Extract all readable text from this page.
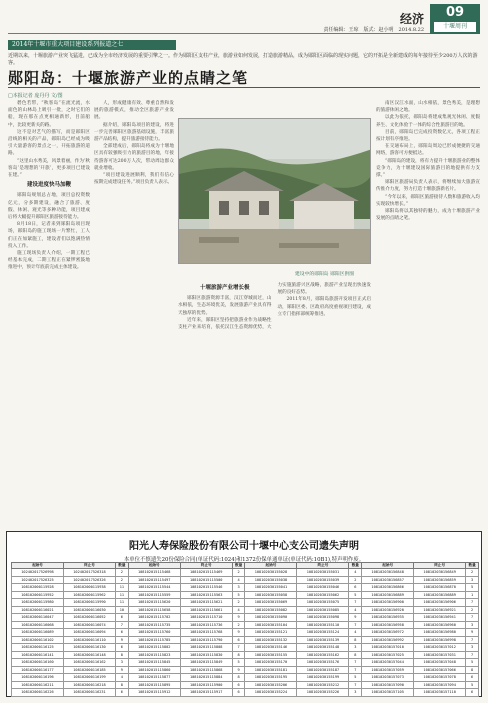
经济
责任编辑：王琼　版式：赵小明　2014.8.22
09
十堰周刊
2014年十堰市重大项目建设系列报道之七
近期以来，十堰旅游产业突飞猛进，已成为全市经济发展的重要引擎之一。作为郧阳区支柱产业，旅游业如何发展，打造旅游精品，成为郧阳区面临的现实问题，它的开拓是全新建成的每年接待至少200万人次的游客。
郧阳岛：十堰旅游产业的点睛之笔
□本报记者 庞丹丹 文/图

碧色若带，“秋客岛”在流光流，水面色的山林岛上吸引一批，之时它们的船，现在那在点更相通新形，目前船中，比较更新关的路。

这不是对艺气的描写，而是郧阳区沿线的相关的产品，郧阳岛已经成为吸引大量游客的景点之一，开拓旅游的道路。

“这里山水秀美，风景着丽，作为‘秋客岛’是理想的‘开旅’，更多项目已建设在建。”

建设进度快马加鞭

郧阳岛规划总占地，项目总投资数亿元，分多期建设，融合了旅游、度假、休闲、观光等多种功能，项目建成后将大幅提升郧阳区旅游接待能力。

8月18日，记者来到郧阳岛项目现场，郧阳岛的施工现场一片繁忙，工人们正在加紧施工，建设者们以饱满热情投入工作。

施工现场负责人介绍，一期工程已经基本完成，二期工程正在紧锣密鼓地推进中，预计年底前完成主体建设。

人，形成健康有效、尊重自然和发展的旅游模式，推动全区旅游产业发展。

据介绍，郧阳岛项目的建设，将进一步完善郧阳区旅游基础设施，丰富旅游产品结构，提升旅游接待能力。

全部建成后，郧阳岛将成为十堰地区具有较强吸引力的旅游目的地，年接待游客可达200万人次，带动周边群众就业增收。

“项目建设进展顺利，我们有信心按期完成建设任务。”项目负责人表示。

建设中的郧阳岛 郧阳区供图

十堰旅游产业增长极

郧阳区旅游资源丰富，汉江穿城而过，山水相依，生态环境优美，发展旅游产业具有得天独厚的优势。

近年来，郧阳区坚持把旅游业作为战略性支柱产业来培育，依托汉江生态资源优势，大力实施旅游兴区战略，旅游产业呈现出快速发展的良好态势。

2011年8月，郧阳岛旅游开发项目正式启动，郧阳区委、区政府高度重视项目建设，成立专门指挥部统筹推进。

南区汉江水面，山水相依，景色秀美，是理想的旅游休闲之地。

以此为依托，郧阳岛将建成集观光休闲、度假养生、文化体验于一体的综合性旅游目的地。

目前，郧阳岛已完成投资数亿元，各项工程正按计划有序推进。

在交通布局上，郧阳岛周边已形成便捷的交通网络，游客可方便抵达。

“郧阳岛的建设，将有力提升十堰旅游业的整体竞争力，为十堰建设国际旅游目的地提供有力支撑。”

郧阳区旅游局负责人表示，将继续加大旅游宣传推介力度，努力打造十堰旅游新名片。

“今年以来，郧阳区旅游接待人数和旅游收入均实现较快增长。”

郧阳岛将以其独特的魅力，成为十堰旅游产业发展的点睛之笔。

阳光人寿保险股份有限公司十堰中心支公司遗失声明
本单位不慎遗失20份保险合同(单证代码:1024)和1372份保单通单证(单证代码:10B1),特声明作废。
起始号	终止号	数量	起始号	终止号	数量	起始号	终止号	数量	起始号	终止号	数量
102402017526998	102402017526318	2	108102015115468	108102015115469	2	108102030155028	108102030155031	4	108102030156848	108102030156849	2
102402017526325	102402017526326	2	108102015115497	108102015115500	4	108102030155038	108102030155039	2	108102030156857	108102030156859	3
108102000115928	108102000115938	11	108102015115544	108102015115546	3	108102030155041	108102030155046	6	108102030156866	108102030156870	5
108102000115952	108102000115962	11	108102015115559	108102015115563	5	108102030155058	108102030155062	5	108102030156889	108102030156889	1
108102000115980	108102000115990	11	108102015115620	108102015115621	2	108102030155069	108102030155075	7	108102030156900	108102030156906	7
108102000116021	108102000116030	10	108102015115658	108102015115661	4	108102030155082	108102030155085	4	108102030156920	108102030156921	2
108102000116047	108102000116052	6	108102015115702	108102015115710	9	108102030155090	108102030155098	9	108102030156935	108102030156941	7
108102000116068	108102000116074	7	108102015115735	108102015115736	2	108102030155104	108102030155110	7	108102030156958	108102030156960	3
108102000116089	108102000116094	6	108102015115760	108102015115768	9	108102030155121	108102030155124	4	108102030156972	108102030156980	9
108102000116102	108102000116110	9	108102015115785	108102015115790	6	108102030155132	108102030155139	8	108102030156992	108102030156998	7
108102000116125	108102000116130	6	108102015115802	108102015115808	7	108102030155146	108102030155148	3	108102030157010	108102030157012	3
108102000116141	108102000116148	8	108102015115823	108102015115830	8	108102030155155	108102030155162	8	108102030157025	108102030157031	7
108102000116160	108102000116162	3	108102015115845	108102015115849	5	108102030155170	108102030155176	7	108102030157044	108102030157048	5
108102000116177	108102000116185	9	108102015115860	108102015115868	9	108102030155181	108102030155187	7	108102030157059	108102030157066	8
108102000116196	108102000116199	4	108102015115877	108102015115884	8	108102030155195	108102030155199	5	108102030157073	108102030157078	6
108102000116211	108102000116218	8	108102015115895	108102015115900	6	108102030155206	108102030155212	7	108102030157090	108102030157094	5
108102000116226	108102000116231	6	108102015115912	108102015115917	6	108102030155224	108102030155226	3	108102030157105	108102030157110	6
